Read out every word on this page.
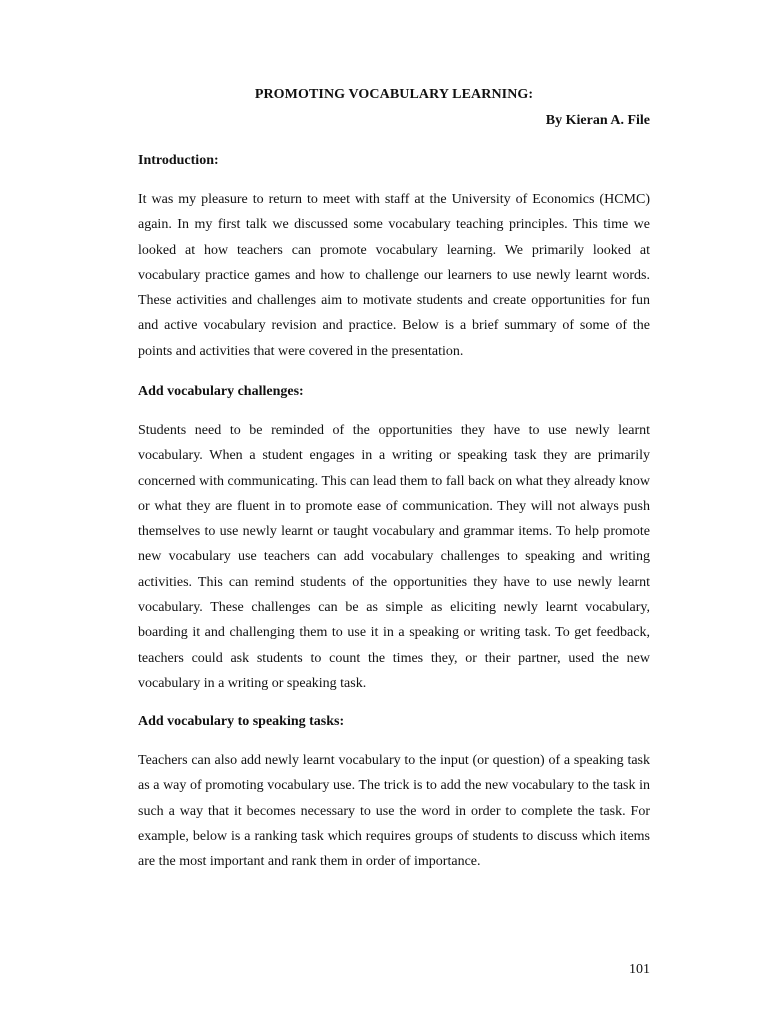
PROMOTING VOCABULARY LEARNING:
By Kieran A. File
Introduction:

It was my pleasure to return to meet with staff at the University of Economics (HCMC) again. In my first talk we discussed some vocabulary teaching principles. This time we looked at how teachers can promote vocabulary learning. We primarily looked at vocabulary practice games and how to challenge our learners to use newly learnt words. These activities and challenges aim to motivate students and create opportunities for fun and active vocabulary revision and practice. Below is a brief summary of some of the points and activities that were covered in the presentation.

Add vocabulary challenges:

Students need to be reminded of the opportunities they have to use newly learnt vocabulary. When a student engages in a writing or speaking task they are primarily concerned with communicating. This can lead them to fall back on what they already know or what they are fluent in to promote ease of communication. They will not always push themselves to use newly learnt or taught vocabulary and grammar items. To help promote new vocabulary use teachers can add vocabulary challenges to speaking and writing activities. This can remind students of the opportunities they have to use newly learnt vocabulary. These challenges can be as simple as eliciting newly learnt vocabulary, boarding it and challenging them to use it in a speaking or writing task. To get feedback, teachers could ask students to count the times they, or their partner, used the new vocabulary in a writing or speaking task.

Add vocabulary to speaking tasks:

Teachers can also add newly learnt vocabulary to the input (or question) of a speaking task as a way of promoting vocabulary use. The trick is to add the new vocabulary to the task in such a way that it becomes necessary to use the word in order to complete the task. For example, below is a ranking task which requires groups of students to discuss which items are the most important and rank them in order of importance.

101
